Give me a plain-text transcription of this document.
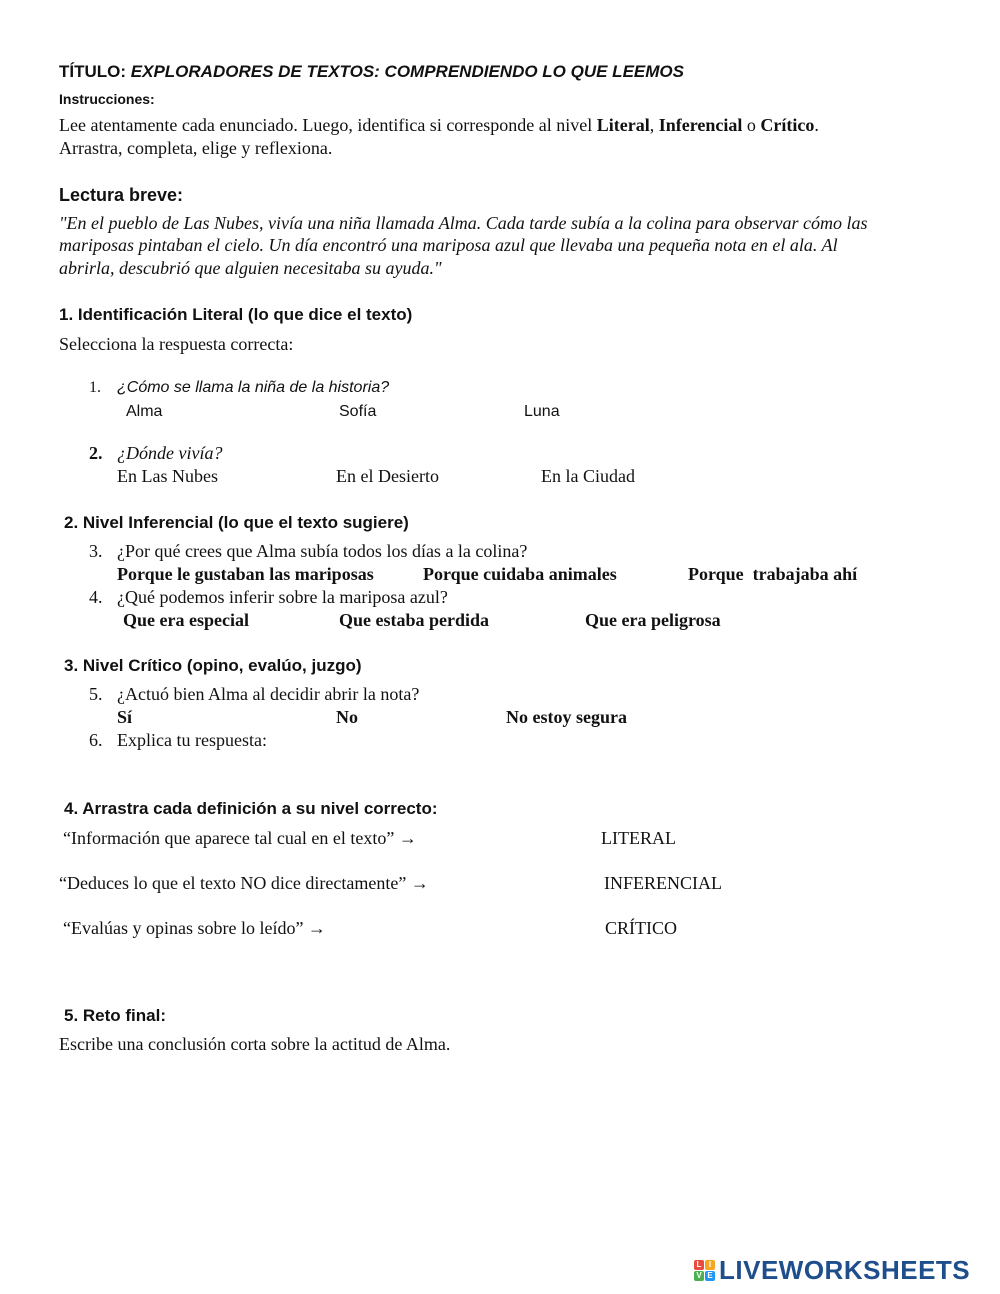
TÍTULO: EXPLORADORES DE TEXTOS: COMPRENDIENDO LO QUE LEEMOS
Instrucciones:
Lee atentamente cada enunciado. Luego, identifica si corresponde al nivel Literal, Inferencial o Crítico.
Arrastra, completa, elige y reflexiona.
Lectura breve:
"En el pueblo de Las Nubes, vivía una niña llamada Alma. Cada tarde subía a la colina para observar cómo las
mariposas pintaban el cielo. Un día encontró una mariposa azul que llevaba una pequeña nota en el ala. Al
abrirla, descubrió que alguien necesitaba su ayuda."
1. Identificación Literal (lo que dice el texto)
Selecciona la respuesta correcta:
1. ¿Cómo se llama la niña de la historia?
Alma	Sofía	Luna
2. ¿Dónde vivía?
En Las Nubes	En el Desierto	En la Ciudad
2. Nivel Inferencial (lo que el texto sugiere)
3. ¿Por qué crees que Alma subía todos los días a la colina?
Porque le gustaban las mariposas	Porque cuidaba animales	Porque  trabajaba ahí
4. ¿Qué podemos inferir sobre la mariposa azul?
Que era especial	Que estaba perdida	Que era peligrosa
3. Nivel Crítico (opino, evalúo, juzgo)
5. ¿Actuó bien Alma al decidir abrir la nota?
Sí	No	No estoy segura
6. Explica tu respuesta:
4. Arrastra cada definición a su nivel correcto:
“Información que aparece tal cual en el texto” →	LITERAL
“Deduces lo que el texto NO dice directamente” →	INFERENCIAL
“Evalúas y opinas sobre lo leído” →	CRÍTICO
5. Reto final:
Escribe una conclusión corta sobre la actitud de Alma.
L I
V E LIVEWORKSHEETS
